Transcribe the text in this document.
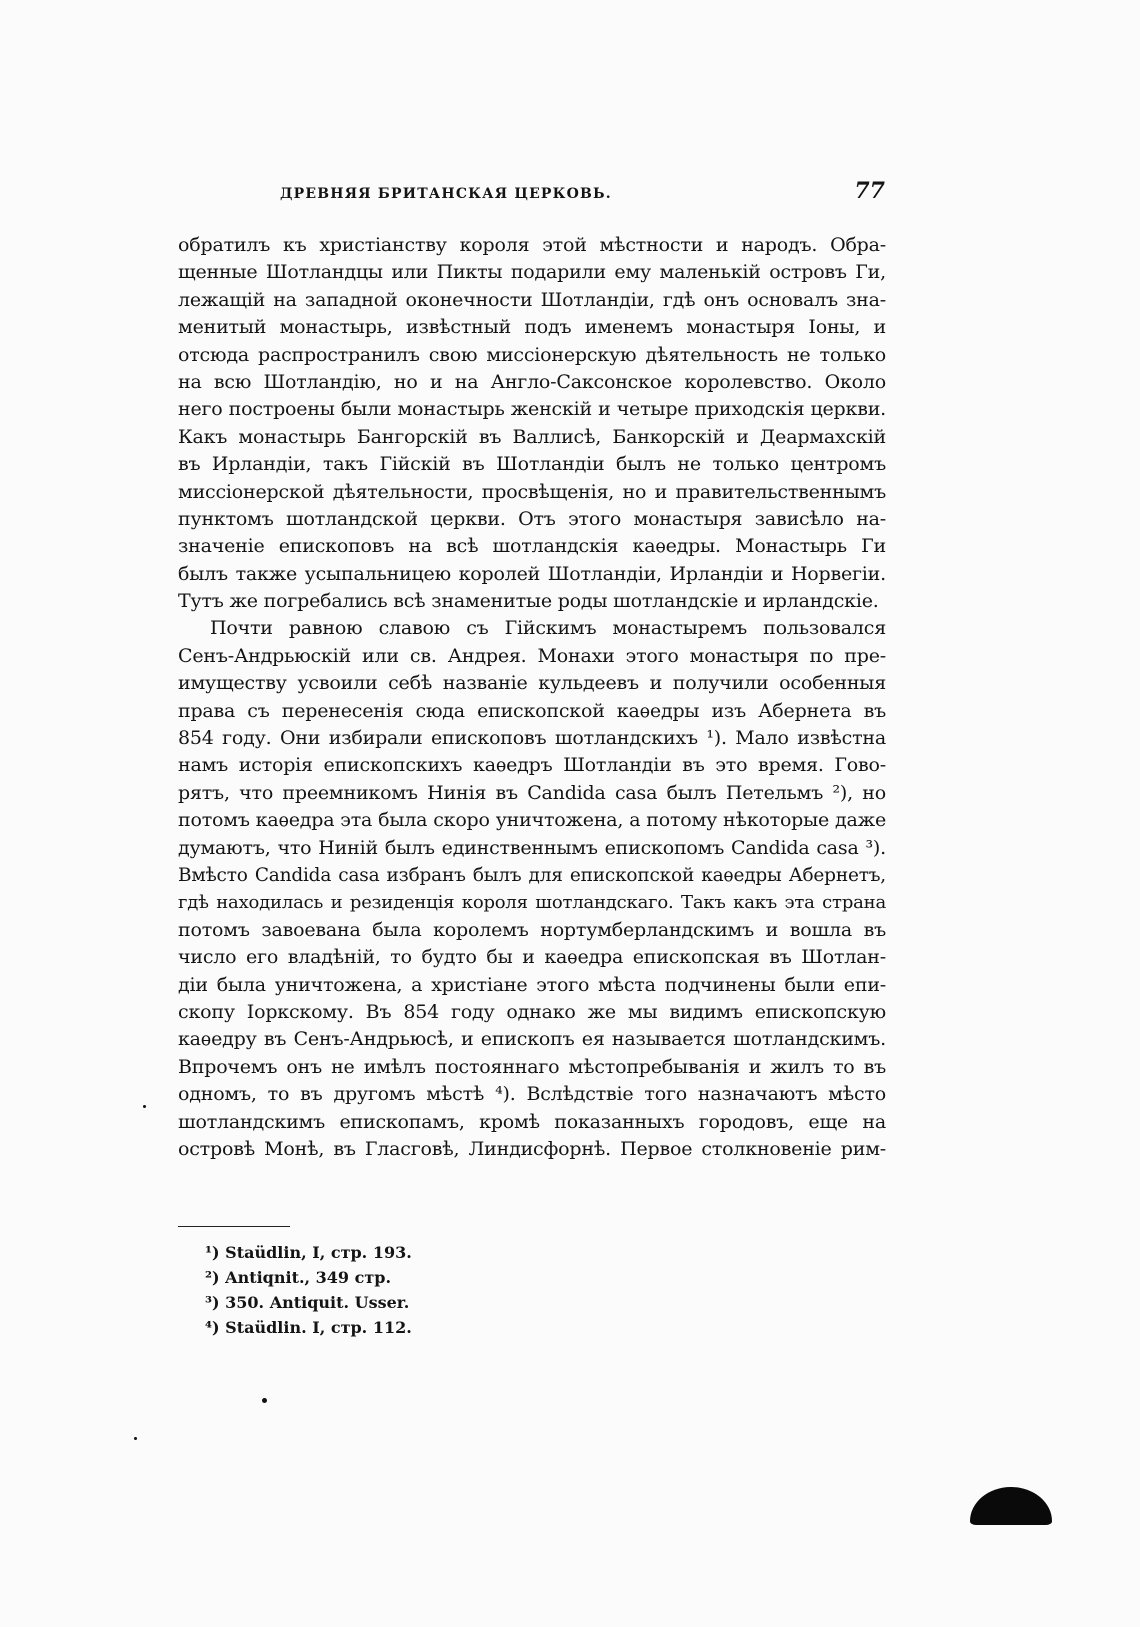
ДРЕВНЯЯ БРИТАНСКАЯ ЦЕРКОВЬ.	77
обратилъ къ христіанству короля этой мѣстности и народъ. Обра-
щенные Шотландцы или Пикты подарили ему маленькій островъ Ги,
лежащій на западной оконечности Шотландіи, гдѣ онъ основалъ зна-
менитый монастырь, извѣстный подъ именемъ монастыря Іоны, и
отсюда распространилъ свою миссіонерскую дѣятельность не только
на всю Шотландію, но и на Англо-Саксонское королевство. Около
него построены были монастырь женскій и четыре приходскія церкви.
Какъ монастырь Бангорскій въ Валлисѣ, Банкорскій и Деармахскій
въ Ирландіи, такъ Гійскій въ Шотландіи былъ не только центромъ
миссіонерской дѣятельности, просвѣщенія, но и правительственнымъ
пунктомъ шотландской церкви. Отъ этого монастыря зависѣло на-
значеніе епископовъ на всѣ шотландскія каѳедры. Монастырь Ги
былъ также усыпальницею королей Шотландіи, Ирландіи и Норвегіи.
Тутъ же погребались всѣ знаменитые роды шотландскіе и ирландскіе.
Почти равною славою съ Гійскимъ монастыремъ пользовался
Сенъ-Андрьюскій или св. Андрея. Монахи этого монастыря по пре-
имуществу усвоили себѣ названіе кульдеевъ и получили особенныя
права съ перенесенія сюда епископской каѳедры изъ Абернета въ
854 году. Они избирали епископовъ шотландскихъ ¹). Мало извѣстна
намъ исторія епископскихъ каѳедръ Шотландіи въ это время. Гово-
рятъ, что преемникомъ Нинія въ Candida casa былъ Петельмъ ²), но
потомъ каѳедра эта была скоро уничтожена, а потому нѣкоторые даже
думаютъ, что Ниній былъ единственнымъ епископомъ Candida casa ³).
Вмѣсто Candida casa избранъ былъ для епископской каѳедры Абернетъ,
гдѣ находилась и резиденція короля шотландскаго. Такъ какъ эта страна
потомъ завоевана была королемъ нортумберландскимъ и вошла въ
число его владѣній, то будто бы и каѳедра епископская въ Шотлан-
діи была уничтожена, а христіане этого мѣста подчинены были епи-
скопу Іоркскому. Въ 854 году однако же мы видимъ епископскую
каѳедру въ Сенъ-Андрьюсѣ, и епископъ ея называется шотландскимъ.
Впрочемъ онъ не имѣлъ постояннаго мѣстопребыванія и жилъ то въ
одномъ, то въ другомъ мѣстѣ ⁴). Вслѣдствіе того назначаютъ мѣсто
шотландскимъ епископамъ, кромѣ показанныхъ городовъ, еще на
островѣ Монѣ, въ Гласговѣ, Линдисфорнѣ. Первое столкновеніе рим-
¹) Staüdlin, I, стр. 193.
²) Antiqnit., 349 стр.
³) 350. Antiquit. Usser.
⁴) Staüdlin. I, стр. 112.
